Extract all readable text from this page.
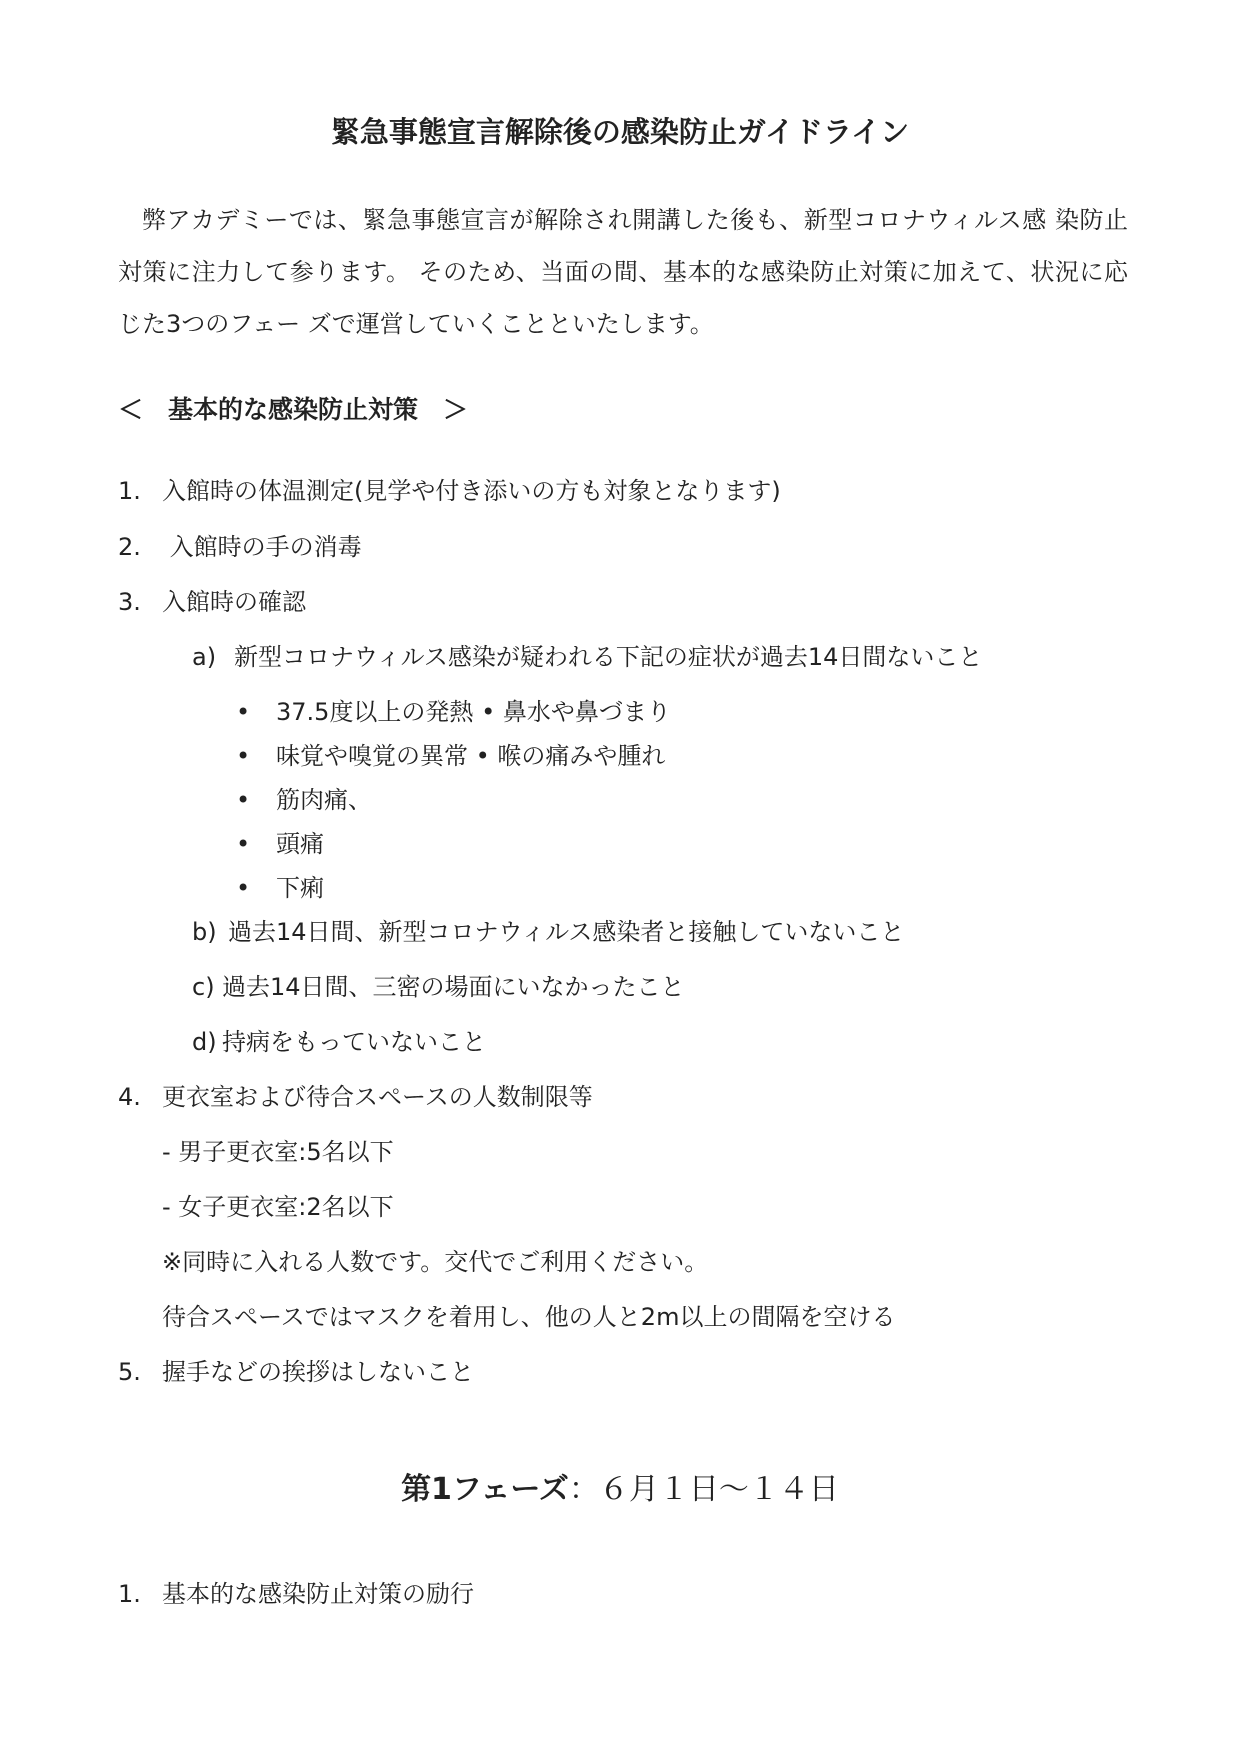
緊急事態宣言解除後の感染防止ガイドライン
弊アカデミーでは、緊急事態宣言が解除され開講した後も、新型コロナウィルス感 染防止対策に注力して参ります。 そのため、当面の間、基本的な感染防止対策に加えて、状況に応じた3つのフェー ズで運営していくことといたします。
＜　基本的な感染防止対策　＞
1. 入館時の体温測定(見学や付き添いの方も対象となります)
2. 入館時の手の消毒
3. 入館時の確認
a) 新型コロナウィルス感染が疑われる下記の症状が過去14日間ないこと
• 37.5度以上の発熱 • 鼻水や鼻づまり
• 味覚や嗅覚の異常 • 喉の痛みや腫れ
• 筋肉痛、
• 頭痛
• 下痢
b) 過去14日間、新型コロナウィルス感染者と接触していないこと
c) 過去14日間、三密の場面にいなかったこと
d) 持病をもっていないこと
4. 更衣室および待合スペースの人数制限等
- 男子更衣室:5名以下
- 女子更衣室:2名以下
※同時に入れる人数です。交代でご利用ください。
待合スペースではマスクを着用し、他の人と2m以上の間隔を空ける
5. 握手などの挨拶はしないこと
第1フェーズ：６月１日〜１４日
1. 基本的な感染防止対策の励行
